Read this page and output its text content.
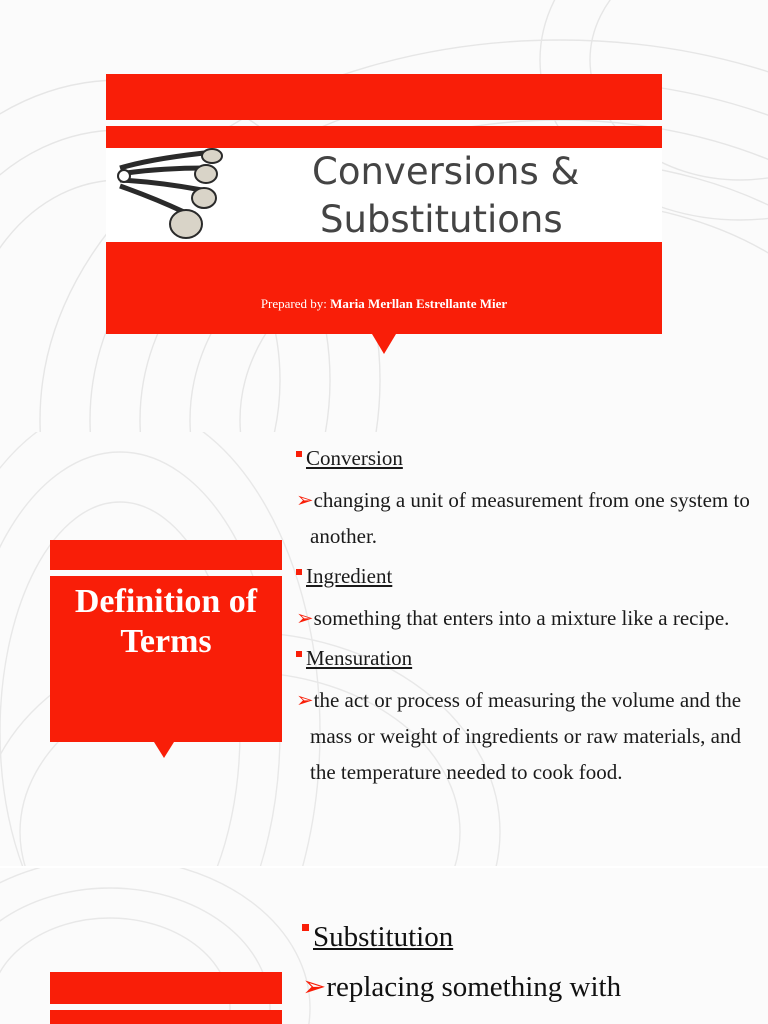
Conversions &
Substitutions
Prepared by: Maria Merllan Estrellante Mier
Definition of
Terms
Conversion
➢changing a unit of measurement from one system to another.
Ingredient
➢something that enters into a mixture like a recipe.
Mensuration
➢the act or process of measuring the volume and the mass or weight of ingredients or raw materials, and the temperature needed to cook food.
Substitution
➢replacing something with
